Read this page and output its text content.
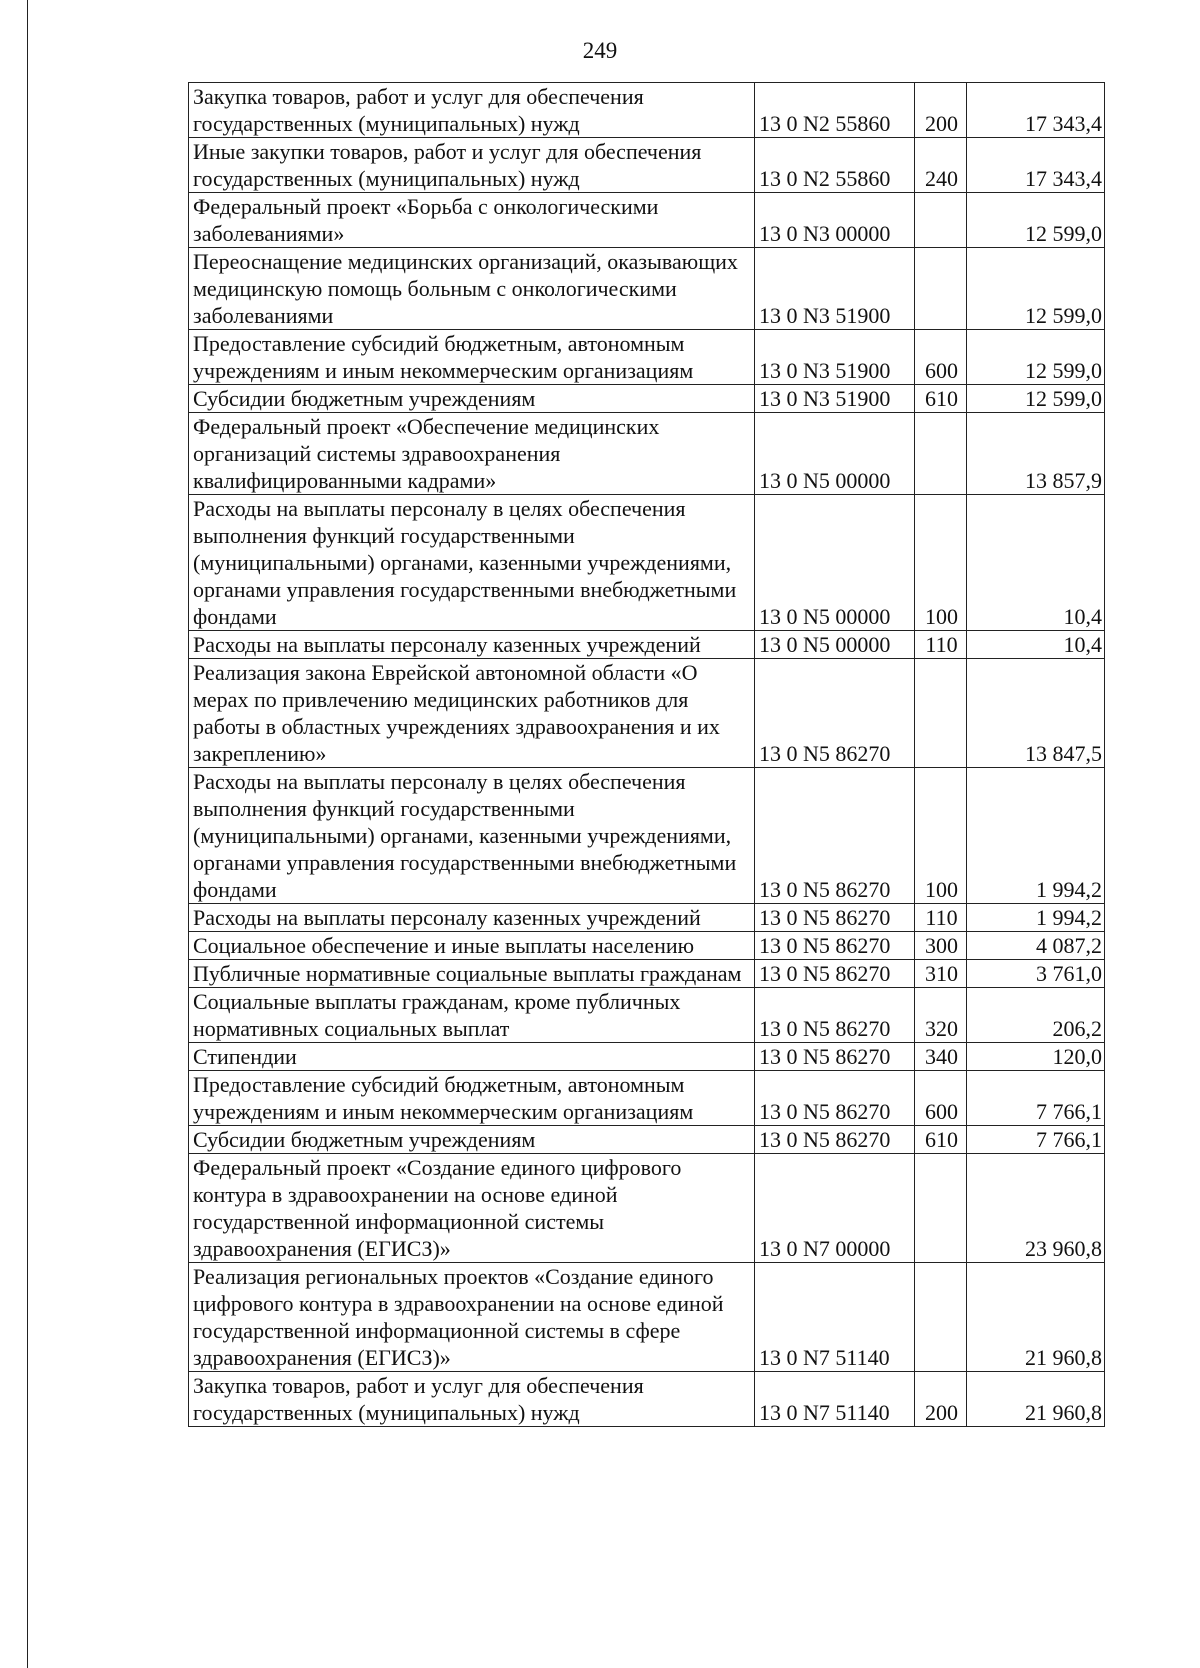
249
Закупка товаров, работ и услуг для обеспечения государственных (муниципальных) нужд	13 0 N2 55860	200	17 343,4
Иные закупки товаров, работ и услуг для обеспечения государственных (муниципальных) нужд	13 0 N2 55860	240	17 343,4
Федеральный проект «Борьба с онкологическими заболеваниями»	13 0 N3 00000		12 599,0
Переоснащение медицинских организаций, оказывающих медицинскую помощь больным с онкологическими заболеваниями	13 0 N3 51900		12 599,0
Предоставление субсидий бюджетным, автономным учреждениям и иным некоммерческим организациям	13 0 N3 51900	600	12 599,0
Субсидии бюджетным учреждениям	13 0 N3 51900	610	12 599,0
Федеральный проект «Обеспечение медицинских организаций системы здравоохранения квалифицированными кадрами»	13 0 N5 00000		13 857,9
Расходы на выплаты персоналу в целях обеспечения выполнения функций государственными (муниципальными) органами, казенными учреждениями, органами управления государственными внебюджетными фондами	13 0 N5 00000	100	10,4
Расходы на выплаты персоналу казенных учреждений	13 0 N5 00000	110	10,4
Реализация закона Еврейской автономной области «О мерах по привлечению медицинских работников для работы в областных учреждениях здравоохранения и их закреплению»	13 0 N5 86270		13 847,5
Расходы на выплаты персоналу в целях обеспечения выполнения функций государственными (муниципальными) органами, казенными учреждениями, органами управления государственными внебюджетными фондами	13 0 N5 86270	100	1 994,2
Расходы на выплаты персоналу казенных учреждений	13 0 N5 86270	110	1 994,2
Социальное обеспечение и иные выплаты населению	13 0 N5 86270	300	4 087,2
Публичные нормативные социальные выплаты гражданам	13 0 N5 86270	310	3 761,0
Социальные выплаты гражданам, кроме публичных нормативных социальных выплат	13 0 N5 86270	320	206,2
Стипендии	13 0 N5 86270	340	120,0
Предоставление субсидий бюджетным, автономным учреждениям и иным некоммерческим организациям	13 0 N5 86270	600	7 766,1
Субсидии бюджетным учреждениям	13 0 N5 86270	610	7 766,1
Федеральный проект «Создание единого цифрового контура в здравоохранении на основе единой государственной информационной системы здравоохранения (ЕГИСЗ)»	13 0 N7 00000		23 960,8
Реализация региональных проектов «Создание единого цифрового контура в здравоохранении на основе единой государственной информационной системы в сфере здравоохранения (ЕГИСЗ)»	13 0 N7 51140		21 960,8
Закупка товаров, работ и услуг для обеспечения государственных (муниципальных) нужд	13 0 N7 51140	200	21 960,8
